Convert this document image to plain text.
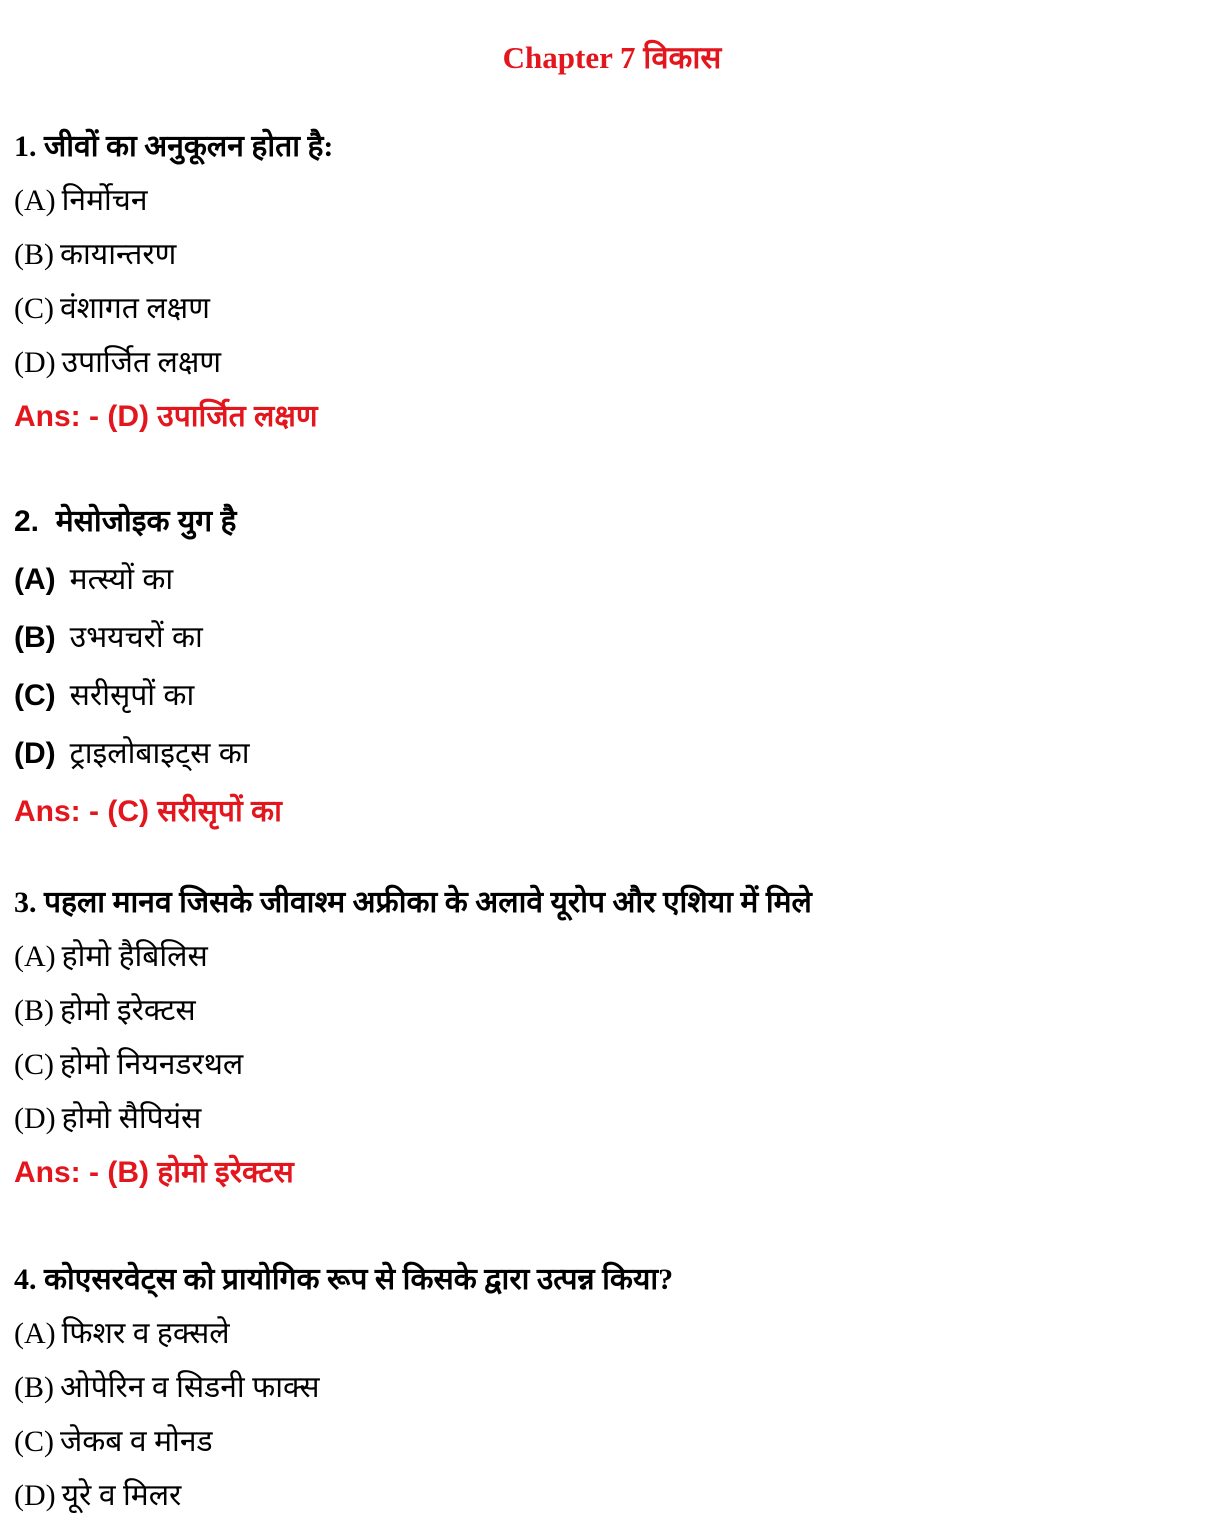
Chapter 7 विकास
1. जीवों का अनुकूलन होता है:
(A) निर्मोचन
(B) कायान्तरण
(C) वंशागत लक्षण
(D) उपार्जित लक्षण
Ans: - (D) उपार्जित लक्षण
2. मेसोजोइक युग है
(A) मत्स्यों का
(B) उभयचरों का
(C) सरीसृपों का
(D) ट्राइलोबाइट्स का
Ans: - (C) सरीसृपों का
3. पहला मानव जिसके जीवाश्म अफ्रीका के अलावे यूरोप और एशिया में मिले
(A) होमो हैबिलिस
(B) होमो इरेक्टस
(C) होमो नियनडरथल
(D) होमो सैपियंस
Ans: - (B) होमो इरेक्टस
4. कोएसरवेट्स को प्रायोगिक रूप से किसके द्वारा उत्पन्न किया?
(A) फिशर व हक्सले
(B) ओपेरिन व सिडनी फाक्स
(C) जेकब व मोनड
(D) यूरे व मिलर
